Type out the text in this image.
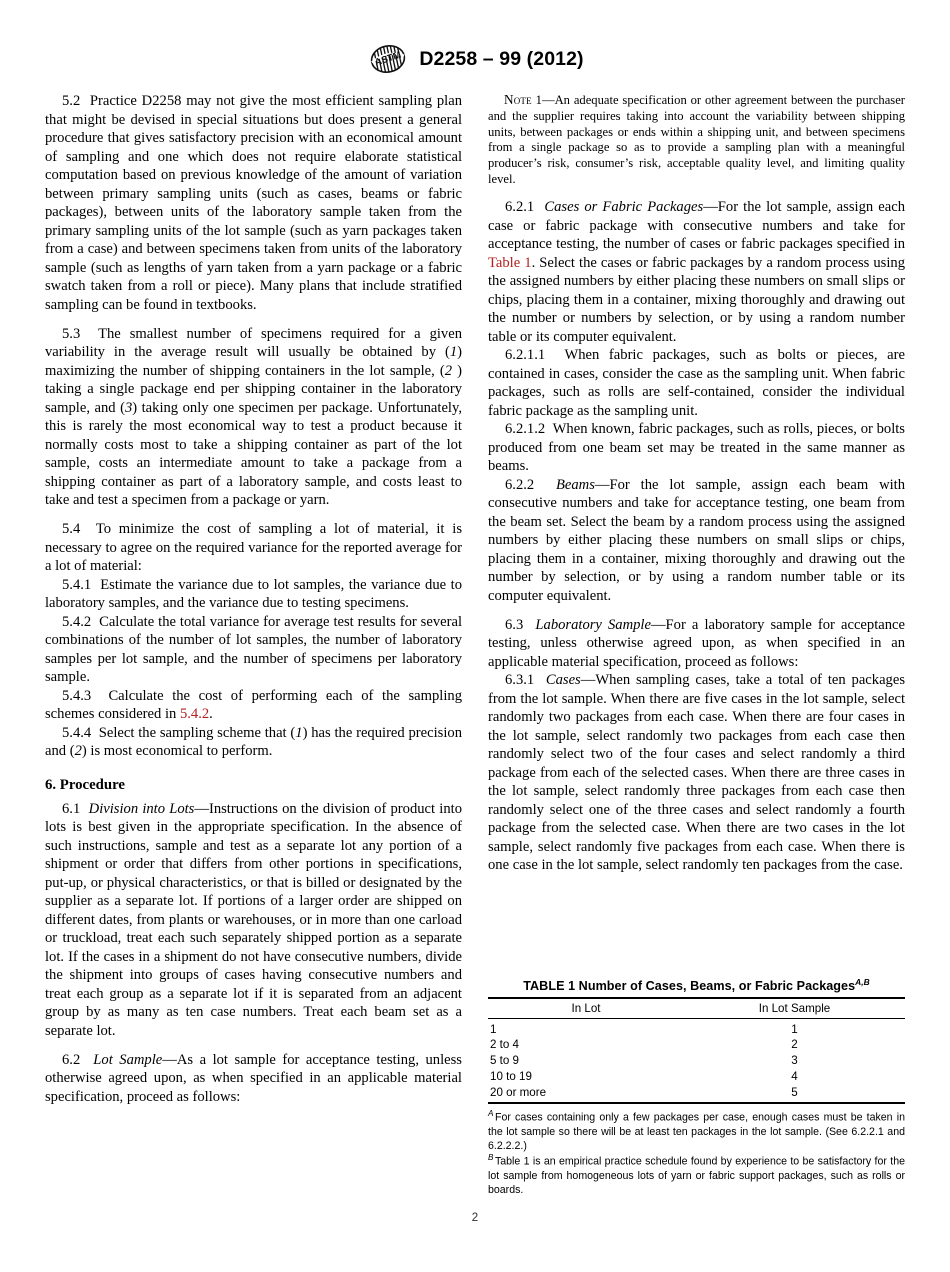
ASTM D2258 – 99 (2012)

5.2 Practice D2258 may not give the most efficient sampling plan that might be devised in special situations but does present a general procedure that gives satisfactory precision with an economical amount of sampling and one which does not require elaborate statistical computation based on previous knowledge of the amount of variation between primary sampling units (such as cases, beams or fabric packages), between units of the laboratory sample taken from the primary sampling units of the lot sample (such as yarn packages taken from a case) and between specimens taken from units of the laboratory sample (such as lengths of yarn taken from a yarn package or a fabric swatch taken from a roll or piece). Many plans that include stratified sampling can be found in textbooks.

5.3 The smallest number of specimens required for a given variability in the average result will usually be obtained by (1) maximizing the number of shipping containers in the lot sample, (2 ) taking a single package end per shipping container in the laboratory sample, and (3) taking only one specimen per package. Unfortunately, this is rarely the most economical way to test a product because it normally costs most to take a shipping container as part of the lot sample, costs an intermediate amount to take a package from a shipping container as part of a laboratory sample, and costs least to take and test a specimen from a package or yarn.

5.4 To minimize the cost of sampling a lot of material, it is necessary to agree on the required variance for the reported average for a lot of material:

5.4.1 Estimate the variance due to lot samples, the variance due to laboratory samples, and the variance due to testing specimens.

5.4.2 Calculate the total variance for average test results for several combinations of the number of lot samples, the number of laboratory samples per lot sample, and the number of specimens per laboratory sample.

5.4.3 Calculate the cost of performing each of the sampling schemes considered in 5.4.2.

5.4.4 Select the sampling scheme that (1) has the required precision and (2) is most economical to perform.

6. Procedure

6.1 Division into Lots—Instructions on the division of product into lots is best given in the appropriate specification. In the absence of such instructions, sample and test as a separate lot any portion of a shipment or order that differs from other portions in specifications, put-up, or physical characteristics, or that is billed or designated by the supplier as a separate lot. If portions of a larger order are shipped on different dates, from plants or warehouses, or in more than one carload or truckload, treat each such separately shipped portion as a separate lot. If the cases in a shipment do not have consecutive numbers, divide the shipment into groups of cases having consecutive numbers and treat each group as a separate lot if it is separated from an adjacent group by as many as ten case numbers. Treat each beam set as a separate lot.

6.2 Lot Sample—As a lot sample for acceptance testing, unless otherwise agreed upon, as when specified in an applicable material specification, proceed as follows:

Note 1—An adequate specification or other agreement between the purchaser and the supplier requires taking into account the variability between shipping units, between packages or ends within a shipping unit, and between specimens from a single package so as to provide a sampling plan with a meaningful producer’s risk, consumer’s risk, acceptable quality level, and limiting quality level.

6.2.1 Cases or Fabric Packages—For the lot sample, assign each case or fabric package with consecutive numbers and take for acceptance testing, the number of cases or fabric packages specified in Table 1. Select the cases or fabric packages by a random process using the assigned numbers by either placing these numbers on small slips or chips, placing them in a container, mixing thoroughly and drawing out the number or numbers by selection, or by using a random number table or its computer equivalent.

6.2.1.1 When fabric packages, such as bolts or pieces, are contained in cases, consider the case as the sampling unit. When fabric packages, such as rolls are self-contained, consider the individual fabric package as the sampling unit.

6.2.1.2 When known, fabric packages, such as rolls, pieces, or bolts produced from one beam set may be treated in the same manner as beams.

6.2.2 Beams—For the lot sample, assign each beam with consecutive numbers and take for acceptance testing, one beam from the beam set. Select the beam by a random process using the assigned numbers by either placing these numbers on small slips or chips, placing them in a container, mixing thoroughly and drawing out the number by selection, or by using a random number table or its computer equivalent.

6.3 Laboratory Sample—For a laboratory sample for acceptance testing, unless otherwise agreed upon, as when specified in an applicable material specification, proceed as follows:

6.3.1 Cases—When sampling cases, take a total of ten packages from the lot sample. When there are five cases in the lot sample, select randomly two packages from each case. When there are four cases in the lot sample, select randomly two packages from each case then randomly select two of the four cases and select randomly a third package from each of the selected cases. When there are three cases in the lot sample, select randomly three packages from each case then randomly select one of the three cases and select randomly a fourth package from the selected case. When there are two cases in the lot sample, select randomly five packages from each case. When there is one case in the lot sample, select randomly ten packages from the case.

TABLE 1 Number of Cases, Beams, or Fabric Packages$^{A,B}$
In Lot	In Lot Sample
1	1
2 to 4	2
5 to 9	3
10 to 19	4
20 or more	5

$^A$ For cases containing only a few packages per case, enough cases must be taken in the lot sample so there will be at least ten packages in the lot sample. (See 6.2.2.1 and 6.2.2.2.)

$^B$ Table 1 is an empirical practice schedule found by experience to be satisfactory for the lot sample from homogeneous lots of yarn or fabric support packages, such as rolls or boards.

2
